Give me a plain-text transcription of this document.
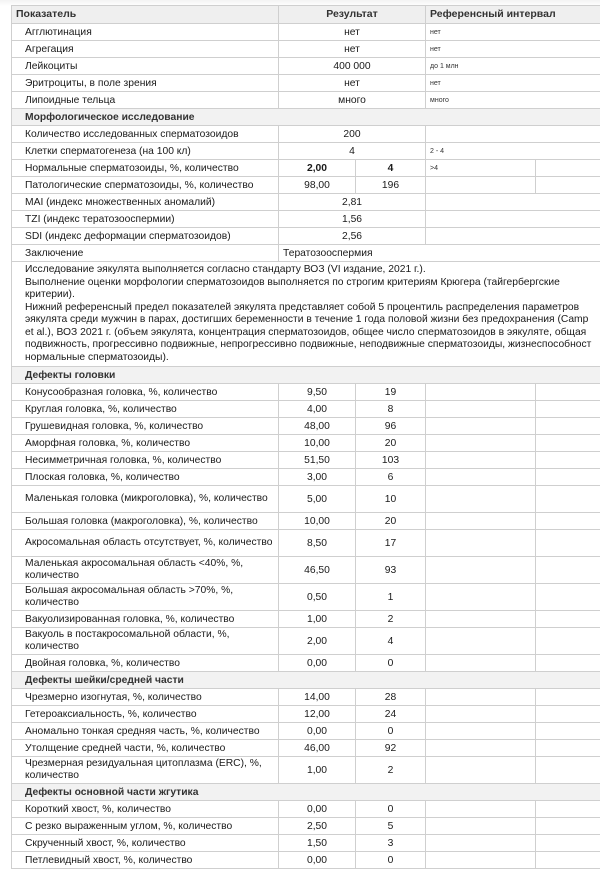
Показатель	Результат		Референсный интервал	
Агглютинация	нет		нет	
Агрегация	нет		нет	
Лейкоциты	400 000		до 1 млн	
Эритроциты, в поле зрения	нет		нет	
Липоидные тельца	много		много	
Морфологическое исследование				
Количество исследованных сперматозоидов	200			
Клетки сперматогенеза (на 100 кл)	4		2 - 4	
Нормальные сперматозоиды, %, количество	2,00	4	>4	
Патологические сперматозоиды, %, количество	98,00	196		
MAI (индекс множественных аномалий)	2,81			
TZI (индекс тератозооспермии)	1,56			
SDI (индекс деформации сперматозоидов)	2,56			
Заключение	Тератозооспермия			

Исследование эякулята выполняется согласно стандарту ВОЗ (VI издание, 2021 г.).
Выполнение оценки морфологии сперматозоидов выполняется по строгим критериям Крюгера (тайгербергские критерии).
Нижний референсный предел показателей эякулята представляет собой 5 процентиль распределения параметров эякулята среди мужчин в парах, достигших беременности в течение 1 года половой жизни без предохранения (Camp et al.), ВОЗ 2021 г. (объем эякулята, концентрация сперматозоидов, общее число сперматозоидов в эякуляте, общая подвижность, прогрессивно подвижные, непрогрессивно подвижные, неподвижные сперматозоиды, жизнеспособност нормальные сперматозоиды).				

Дефекты головки				
Конусообразная головка, %, количество	9,50	19		
Круглая головка, %, количество	4,00	8		
Грушевидная головка, %, количество	48,00	96		
Аморфная головка, %, количество	10,00	20		
Несимметричная головка, %, количество	51,50	103		
Плоская головка, %, количество	3,00	6		
Маленькая головка (микроголовка), %, количество	5,00	10		
Большая головка (макроголовка), %, количество	10,00	20		
Акросомальная область отсутствует, %, количество	8,50	17		
Маленькая акросомальная область <40%, %, количество	46,50	93		
Большая акросомальная область >70%, %, количество	0,50	1		
Вакуолизированная головка, %, количество	1,00	2		
Вакуоль в постакросомальной области, %, количество	2,00	4		
Двойная головка, %, количество	0,00	0		
Дефекты шейки/средней части				
Чрезмерно изогнутая, %, количество	14,00	28		
Гетероаксиальность, %, количество	12,00	24		
Аномально тонкая средняя часть, %, количество	0,00	0		
Утолщение средней части, %, количество	46,00	92		
Чрезмерная резидуальная цитоплазма (ERC), %, количество	1,00	2		
Дефекты основной части жгутика				
Короткий хвост, %, количество	0,00	0		
С резко выраженным углом, %, количество	2,50	5		
Скрученный хвост, %, количество	1,50	3		
Петлевидный хвост, %, количество	0,00	0		
